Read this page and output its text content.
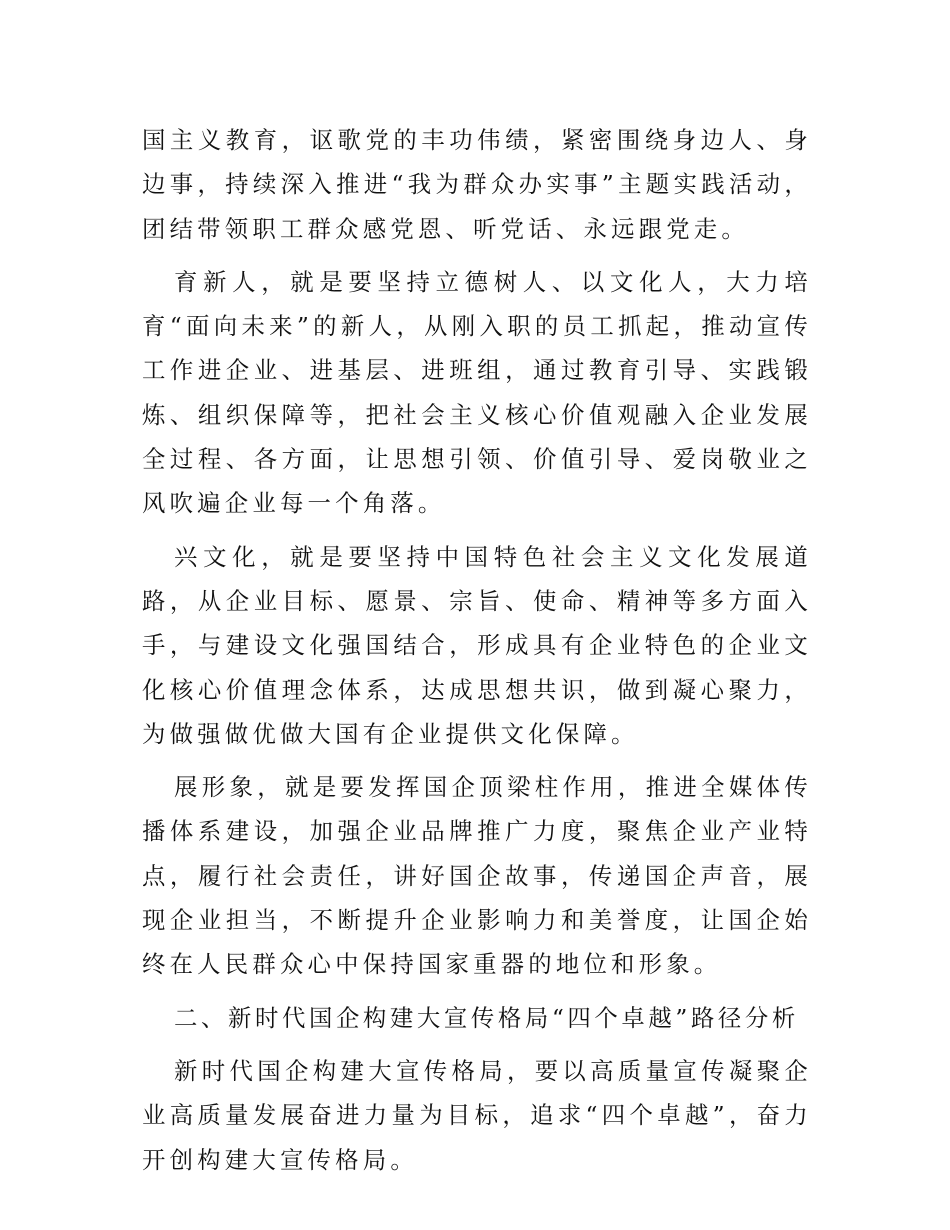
国主义教育，讴歌党的丰功伟绩，紧密围绕身边人、身边事，持续深入推进“我为群众办实事”主题实践活动，团结带领职工群众感党恩、听党话、永远跟党走。

育新人，就是要坚持立德树人、以文化人，大力培育“面向未来”的新人，从刚入职的员工抓起，推动宣传工作进企业、进基层、进班组，通过教育引导、实践锻炼、组织保障等，把社会主义核心价值观融入企业发展全过程、各方面，让思想引领、价值引导、爱岗敬业之风吹遍企业每一个角落。

兴文化，就是要坚持中国特色社会主义文化发展道路，从企业目标、愿景、宗旨、使命、精神等多方面入手，与建设文化强国结合，形成具有企业特色的企业文化核心价值理念体系，达成思想共识，做到凝心聚力，为做强做优做大国有企业提供文化保障。

展形象，就是要发挥国企顶梁柱作用，推进全媒体传播体系建设，加强企业品牌推广力度，聚焦企业产业特点，履行社会责任，讲好国企故事，传递国企声音，展现企业担当，不断提升企业影响力和美誉度，让国企始终在人民群众心中保持国家重器的地位和形象。

二、新时代国企构建大宣传格局“四个卓越”路径分析

新时代国企构建大宣传格局，要以高质量宣传凝聚企业高质量发展奋进力量为目标，追求“四个卓越”，奋力开创构建大宣传格局。
